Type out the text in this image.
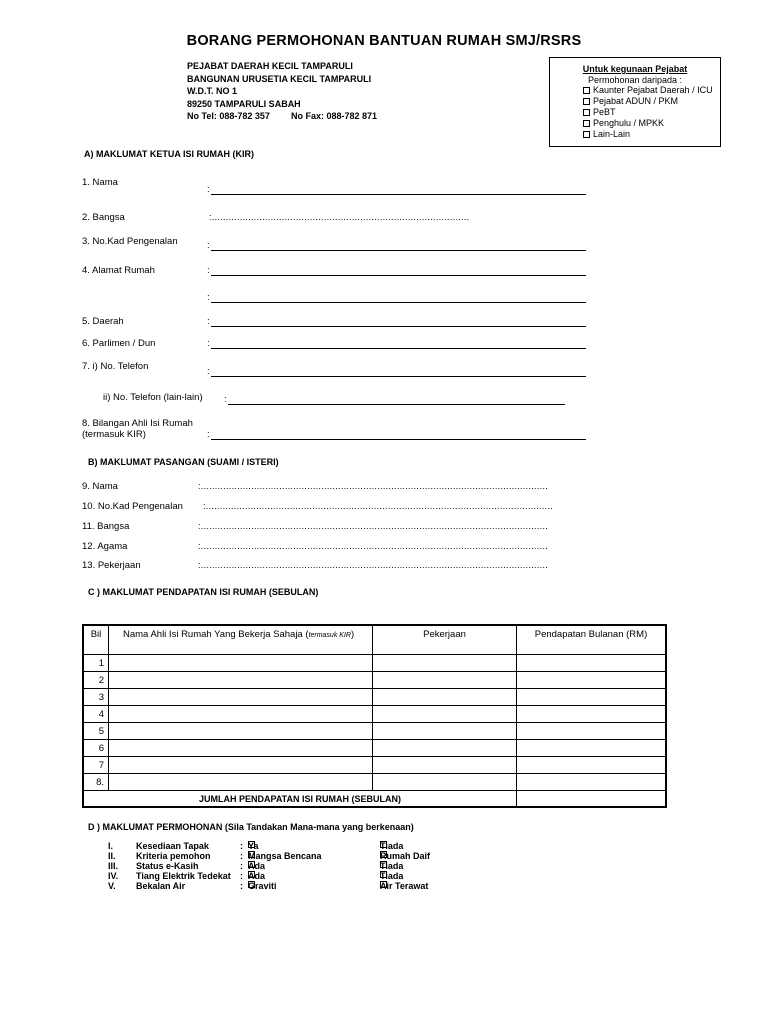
BORANG PERMOHONAN BANTUAN RUMAH SMJ/RSRS
PEJABAT DAERAH KECIL TAMPARULI
BANGUNAN URUSETIA KECIL TAMPARULI
W.D.T. NO 1
89250 TAMPARULI SABAH
No Tel: 088-782 357 No Fax: 088-782 871
Untuk kegunaan Pejabat
Permohonan daripada :
Kaunter Pejabat Daerah / ICU
Pejabat ADUN / PKM
PeBT
Penghulu / MPKK
Lain-Lain
A) MAKLUMAT KETUA ISI RUMAH (KIR)
1. Nama
:
2. Bangsa	:............................................................................................
3. No.Kad Pengenalan	:
4. Alamat Rumah	:
:
5. Daerah	:
6. Parlimen / Dun	:
7. i) No. Telefon	:
ii) No. Telefon (lain-lain) :
8. Bilangan Ahli Isi Rumah
(termasuk KIR)	:
B) MAKLUMAT PASANGAN (SUAMI / ISTERI)
9. Nama	:............................................................................................................................
10. No.Kad Pengenalan :............................................................................................................................
11. Bangsa	:............................................................................................................................
12. Agama	:............................................................................................................................
13. Pekerjaan	:............................................................................................................................
C ) MAKLUMAT PENDAPATAN ISI RUMAH (SEBULAN)
Bil	Nama Ahli Isi Rumah Yang Bekerja Sahaja (termasuk KIR)	Pekerjaan	Pendapatan Bulanan (RM)
1			
2			
3			
4			
5			
6			
7			
8.			
JUMLAH PENDAPATAN ISI RUMAH (SEBULAN)			
D ) MAKLUMAT PERMOHONAN (Sila Tandakan Mana-mana yang berkenaan)
I.	Kesediaan Tapak	: Ya	Tiada
II. Kriteria pemohon	: Mangsa Bencana	Rumah Daif
III. Status e-Kasih	: Ada	Tiada
IV. Tiang Elektrik Tedekat : Ada	Tiada
V. Bekalan Air	: Graviti	Air Terawat
